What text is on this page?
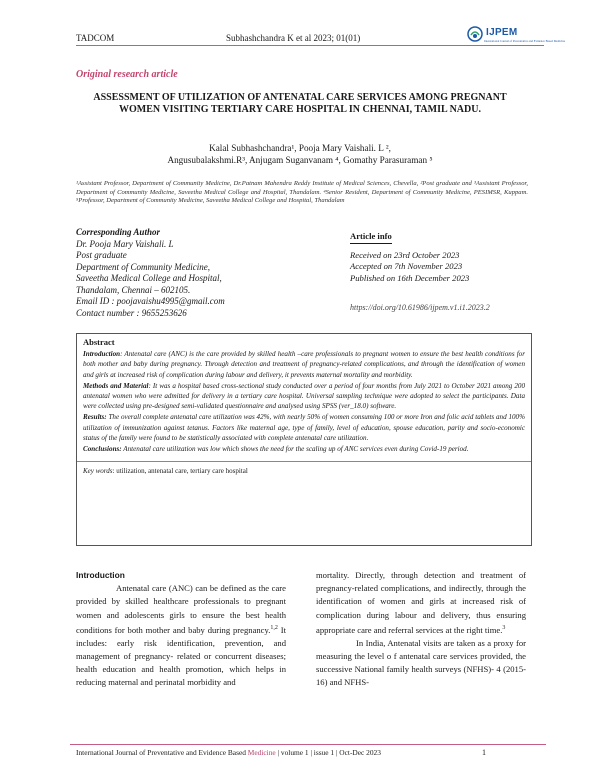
TADCOM	Subhashchandra K et al 2023; 01(01)	IJPEM
International Journal of Preventative and Evidence Based Medicine
Original research article
ASSESSMENT OF UTILIZATION OF ANTENATAL CARE SERVICES AMONG PREGNANT WOMEN VISITING TERTIARY CARE HOSPITAL IN CHENNAI, TAMIL NADU.
Kalal Subhashchandra¹, Pooja Mary Vaishali. L ²,
Angusubalakshmi.R³, Anjugam Suganvanam ⁴, Gomathy Parasuraman ⁵
¹Assistant Professor, Department of Community Medicine, Dr.Patnam Mahendra Reddy Institute of Medical Sciences, Chevella, ²Post graduate and ³Assistant Professor, Department of Community Medicine, Saveetha Medical College and Hospital, Thandalam. ⁴Senior Resident, Department of Community Medicine, PESIMSR, Kuppam. ⁵Professor, Department of Community Medicine, Saveetha Medical College and Hospital, Thandalam
Corresponding Author
Dr. Pooja Mary Vaishali. L
Post graduate
Department of Community Medicine,
Saveetha Medical College and Hospital,
Thandalam, Chennai – 602105.
Email ID : poojavaishu4995@gmail.com
Contact number : 9655253626
Article info
Received on 23rd October 2023
Accepted on 7th November 2023
Published on 16th December 2023
https://doi.org/10.61986/ijpem.v1.i1.2023.2
Abstract

Introduction: Antenatal care (ANC) is the care provided by skilled health –care professionals to pregnant women to ensure the best health conditions for both mother and baby during pregnancy. Through detection and treatment of pregnancy-related complications, and through the identification of women and girls at increased risk of complication during labour and delivery, it prevents maternal mortality and morbidity.

Methods and Material: It was a hospital based cross-sectional study conducted over a period of four months from July 2021 to October 2021 among 200 antenatal women who were admitted for delivery in a tertiary care hospital. Universal sampling technique were adopted to select the participants. Data were collected using pre-designed semi-validated questionnaire and analysed using SPSS (ver_18.0) software.

Results: The overall complete antenatal care utilization was 42%, with nearly 50% of women consuming 100 or more Iron and folic acid tablets and 100% utilization of immunization against tetanus. Factors like maternal age, type of family, level of education, spouse education, parity and socio-economic status of the family were found to be statistically associated with complete antenatal care utilization.

Conclusions: Antenatal care utilization was low which shows the need for the scaling up of ANC services even during Covid-19 period.

Key words: utilization, antenatal care, tertiary care hospital
Introduction

Antenatal care (ANC) can be defined as the care provided by skilled healthcare professionals to pregnant women and adolescents girls to ensure the best health conditions for both mother and baby during pregnancy.$^{1,2}$ It includes: early risk identification, prevention, and management of pregnancy- related or concurrent diseases; health education and health promotion, which helps in reducing maternal and perinatal morbidity and

mortality. Directly, through detection and treatment of pregnancy-related complications, and indirectly, through the identification of women and girls at increased risk of complication during labour and delivery, thus ensuring appropriate care and referral services at the right time.$^3$

In India, Antenatal visits are taken as a proxy for measuring the level o f antenatal care services provided, the successive National family health surveys (NFHS)- 4 (2015-16) and NFHS-

International Journal of Preventative and Evidence Based Medicine | volume 1 | issue 1 | Oct-Dec 2023	1
